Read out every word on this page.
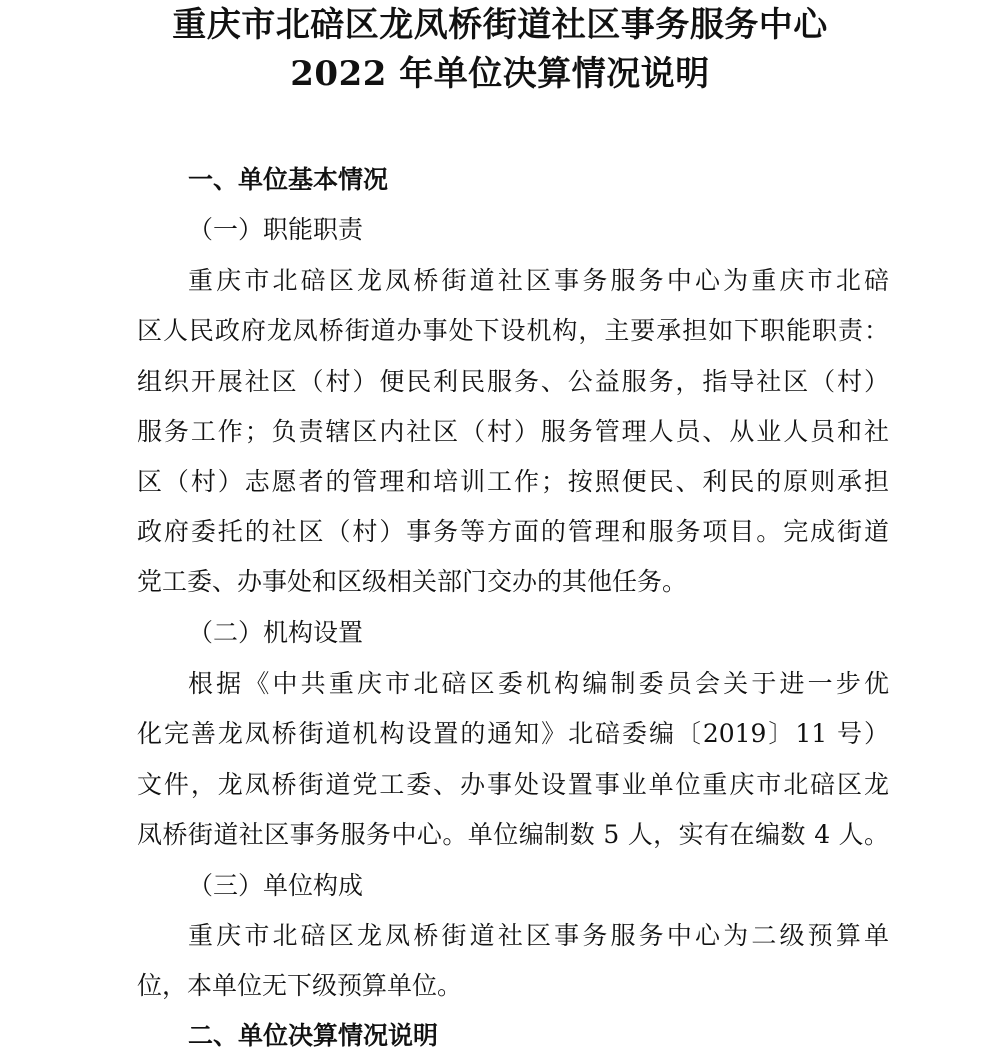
重庆市北碚区龙凤桥街道社区事务服务中心
2022 年单位决算情况说明
一、单位基本情况
（一）职能职责
重庆市北碚区龙凤桥街道社区事务服务中心为重庆市北碚
区人民政府龙凤桥街道办事处下设机构，主要承担如下职能职责：
组织开展社区（村）便民利民服务、公益服务，指导社区（村）
服务工作；负责辖区内社区（村）服务管理人员、从业人员和社
区（村）志愿者的管理和培训工作；按照便民、利民的原则承担
政府委托的社区（村）事务等方面的管理和服务项目。完成街道
党工委、办事处和区级相关部门交办的其他任务。
（二）机构设置
根据《中共重庆市北碚区委机构编制委员会关于进一步优
化完善龙凤桥街道机构设置的通知》北碚委编〔2019〕11 号）
文件，龙凤桥街道党工委、办事处设置事业单位重庆市北碚区龙
凤桥街道社区事务服务中心。单位编制数 5 人，实有在编数 4 人。
（三）单位构成
重庆市北碚区龙凤桥街道社区事务服务中心为二级预算单
位，本单位无下级预算单位。
二、单位决算情况说明
